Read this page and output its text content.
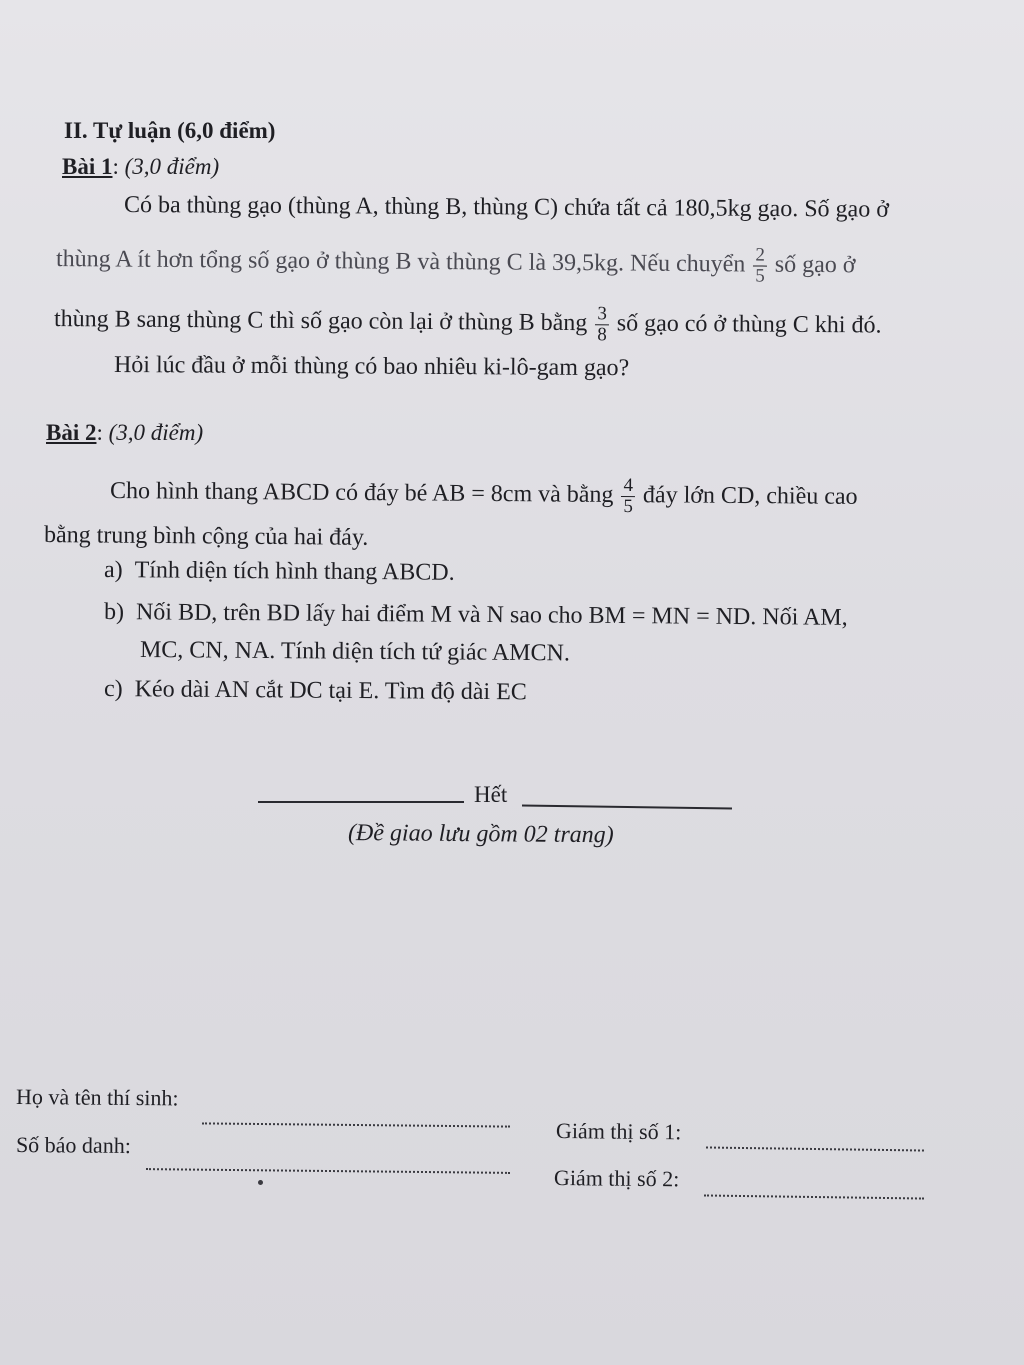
II. Tự luận (6,0 điểm)
Bài 1: (3,0 điểm)
Có ba thùng gạo (thùng A, thùng B, thùng C) chứa tất cả 180,5kg gạo. Số gạo ở
thùng A ít hơn tổng số gạo ở thùng B và thùng C là 39,5kg. Nếu chuyển $\frac{2}{5}$ số gạo ở
thùng B sang thùng C thì số gạo còn lại ở thùng B bằng $\frac{3}{8}$ số gạo có ở thùng C khi đó.
Hỏi lúc đầu ở mỗi thùng có bao nhiêu ki-lô-gam gạo?
Bài 2: (3,0 điểm)
Cho hình thang ABCD có đáy bé AB = 8cm và bằng $\frac{4}{5}$ đáy lớn CD, chiều cao
bằng trung bình cộng của hai đáy.
a) Tính diện tích hình thang ABCD.
b) Nối BD, trên BD lấy hai điểm M và N sao cho BM = MN = ND. Nối AM,
MC, CN, NA. Tính diện tích tứ giác AMCN.
c) Kéo dài AN cắt DC tại E. Tìm độ dài EC
Hết
(Đề giao lưu gồm 02 trang)
Họ và tên thí sinh:
Số báo danh:
Giám thị số 1:
Giám thị số 2:
